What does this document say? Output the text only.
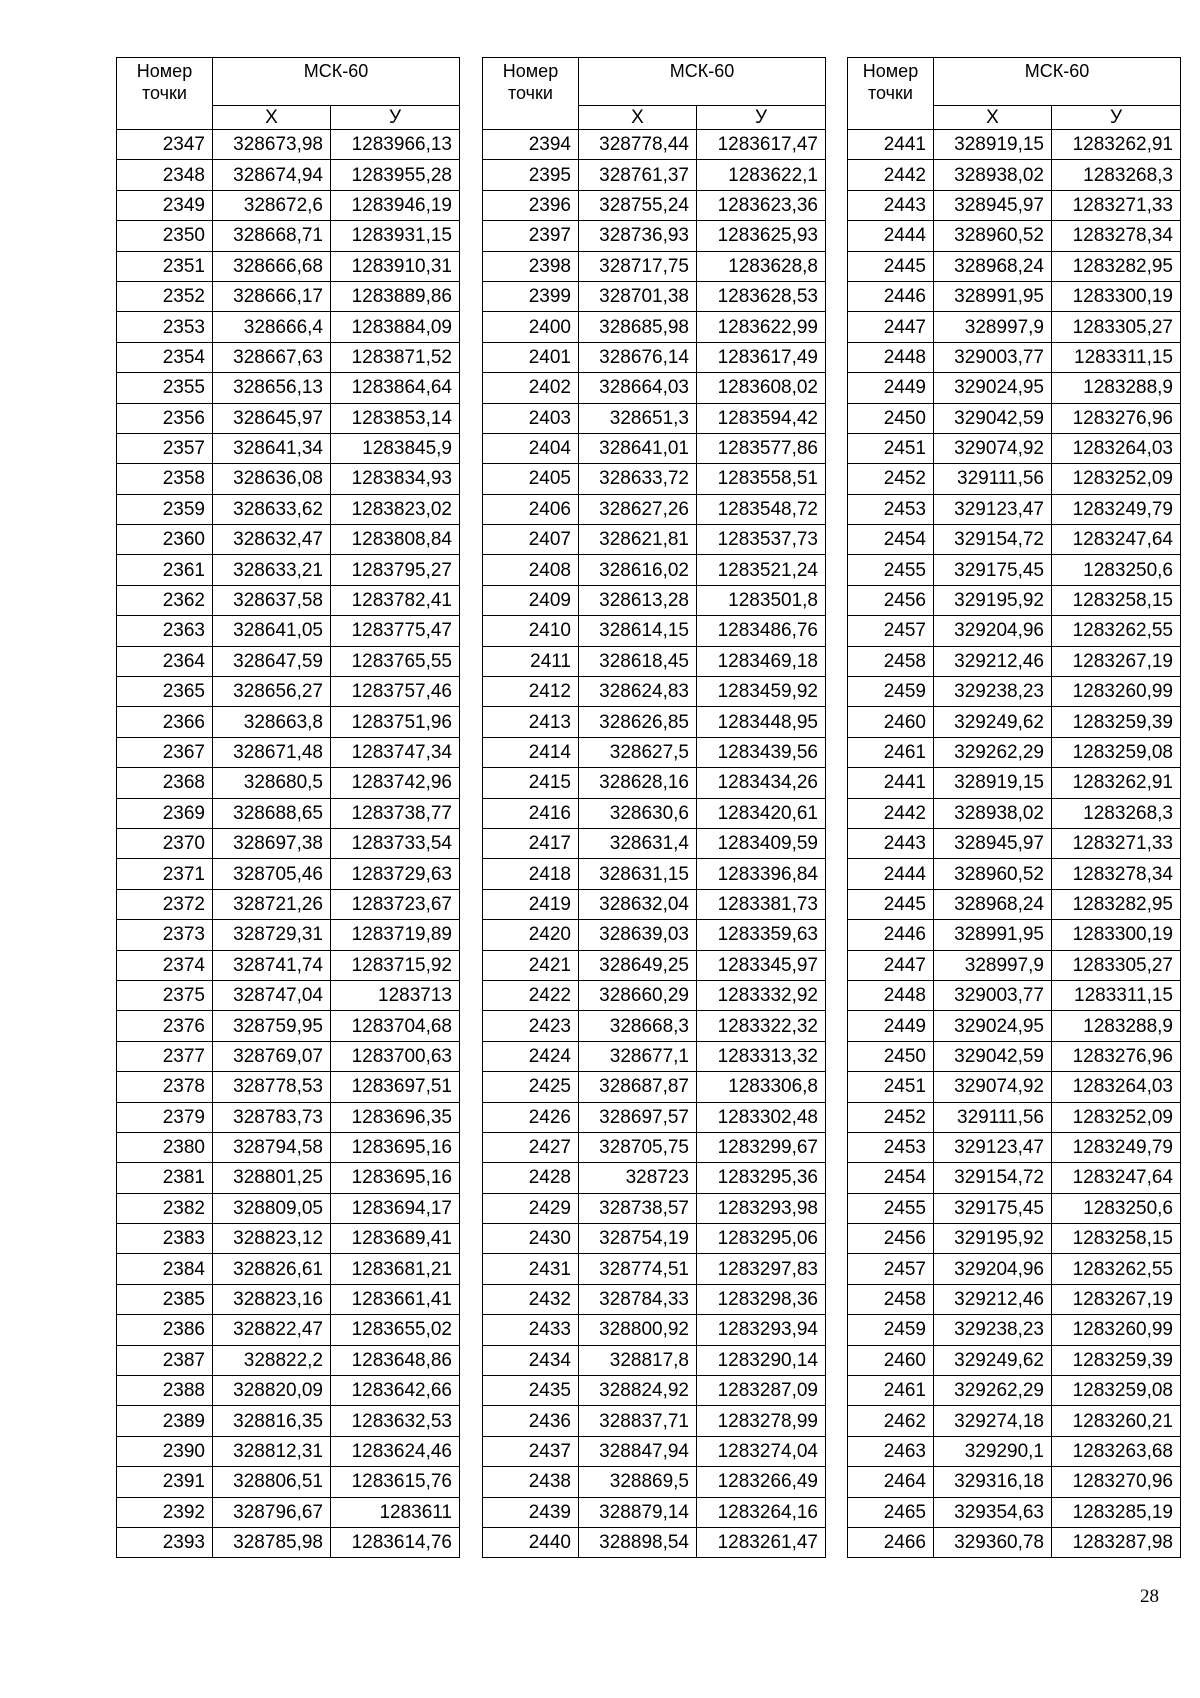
Номер
точки	МСК-60	
	Х	У
2347	328673,98	1283966,13
2348	328674,94	1283955,28
2349	328672,6	1283946,19
2350	328668,71	1283931,15
2351	328666,68	1283910,31
2352	328666,17	1283889,86
2353	328666,4	1283884,09
2354	328667,63	1283871,52
2355	328656,13	1283864,64
2356	328645,97	1283853,14
2357	328641,34	1283845,9
2358	328636,08	1283834,93
2359	328633,62	1283823,02
2360	328632,47	1283808,84
2361	328633,21	1283795,27
2362	328637,58	1283782,41
2363	328641,05	1283775,47
2364	328647,59	1283765,55
2365	328656,27	1283757,46
2366	328663,8	1283751,96
2367	328671,48	1283747,34
2368	328680,5	1283742,96
2369	328688,65	1283738,77
2370	328697,38	1283733,54
2371	328705,46	1283729,63
2372	328721,26	1283723,67
2373	328729,31	1283719,89
2374	328741,74	1283715,92
2375	328747,04	1283713
2376	328759,95	1283704,68
2377	328769,07	1283700,63
2378	328778,53	1283697,51
2379	328783,73	1283696,35
2380	328794,58	1283695,16
2381	328801,25	1283695,16
2382	328809,05	1283694,17
2383	328823,12	1283689,41
2384	328826,61	1283681,21
2385	328823,16	1283661,41
2386	328822,47	1283655,02
2387	328822,2	1283648,86
2388	328820,09	1283642,66
2389	328816,35	1283632,53
2390	328812,31	1283624,46
2391	328806,51	1283615,76
2392	328796,67	1283611
2393	328785,98	1283614,76
Номер
точки	МСК-60	
	Х	У
2394	328778,44	1283617,47
2395	328761,37	1283622,1
2396	328755,24	1283623,36
2397	328736,93	1283625,93
2398	328717,75	1283628,8
2399	328701,38	1283628,53
2400	328685,98	1283622,99
2401	328676,14	1283617,49
2402	328664,03	1283608,02
2403	328651,3	1283594,42
2404	328641,01	1283577,86
2405	328633,72	1283558,51
2406	328627,26	1283548,72
2407	328621,81	1283537,73
2408	328616,02	1283521,24
2409	328613,28	1283501,8
2410	328614,15	1283486,76
2411	328618,45	1283469,18
2412	328624,83	1283459,92
2413	328626,85	1283448,95
2414	328627,5	1283439,56
2415	328628,16	1283434,26
2416	328630,6	1283420,61
2417	328631,4	1283409,59
2418	328631,15	1283396,84
2419	328632,04	1283381,73
2420	328639,03	1283359,63
2421	328649,25	1283345,97
2422	328660,29	1283332,92
2423	328668,3	1283322,32
2424	328677,1	1283313,32
2425	328687,87	1283306,8
2426	328697,57	1283302,48
2427	328705,75	1283299,67
2428	328723	1283295,36
2429	328738,57	1283293,98
2430	328754,19	1283295,06
2431	328774,51	1283297,83
2432	328784,33	1283298,36
2433	328800,92	1283293,94
2434	328817,8	1283290,14
2435	328824,92	1283287,09
2436	328837,71	1283278,99
2437	328847,94	1283274,04
2438	328869,5	1283266,49
2439	328879,14	1283264,16
2440	328898,54	1283261,47
Номер
точки	МСК-60	
	Х	У
2441	328919,15	1283262,91
2442	328938,02	1283268,3
2443	328945,97	1283271,33
2444	328960,52	1283278,34
2445	328968,24	1283282,95
2446	328991,95	1283300,19
2447	328997,9	1283305,27
2448	329003,77	1283311,15
2449	329024,95	1283288,9
2450	329042,59	1283276,96
2451	329074,92	1283264,03
2452	329111,56	1283252,09
2453	329123,47	1283249,79
2454	329154,72	1283247,64
2455	329175,45	1283250,6
2456	329195,92	1283258,15
2457	329204,96	1283262,55
2458	329212,46	1283267,19
2459	329238,23	1283260,99
2460	329249,62	1283259,39
2461	329262,29	1283259,08
2441	328919,15	1283262,91
2442	328938,02	1283268,3
2443	328945,97	1283271,33
2444	328960,52	1283278,34
2445	328968,24	1283282,95
2446	328991,95	1283300,19
2447	328997,9	1283305,27
2448	329003,77	1283311,15
2449	329024,95	1283288,9
2450	329042,59	1283276,96
2451	329074,92	1283264,03
2452	329111,56	1283252,09
2453	329123,47	1283249,79
2454	329154,72	1283247,64
2455	329175,45	1283250,6
2456	329195,92	1283258,15
2457	329204,96	1283262,55
2458	329212,46	1283267,19
2459	329238,23	1283260,99
2460	329249,62	1283259,39
2461	329262,29	1283259,08
2462	329274,18	1283260,21
2463	329290,1	1283263,68
2464	329316,18	1283270,96
2465	329354,63	1283285,19
2466	329360,78	1283287,98
28
